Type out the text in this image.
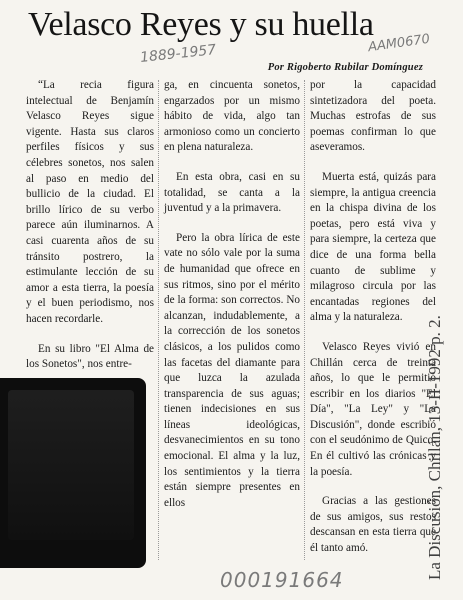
Velasco Reyes y su huella
1889-1957	AAM0670
Por Rigoberto Rubilar Domínguez

“La recia figura intelectual de Benjamín Velasco Reyes sigue vigente. Hasta sus claros perfiles físicos y sus célebres sonetos, nos salen al paso en medio del bullicio de la ciudad. El brillo lírico de su verbo parece aún iluminarnos. A casi cuarenta años de su tránsito postrero, la estimulante lección de su amor a esta tierra, la poesía y el buen periodismo, nos hacen recordarle.

En su libro "El Alma de los Sonetos", nos entre-

ga, en cincuenta sonetos, engarzados por un mismo hábito de vida, algo tan armonioso como un concierto en plena naturaleza.

En esta obra, casi en su totalidad, se canta a la juventud y a la primavera.

Pero la obra lírica de este vate no sólo vale por la suma de humanidad que ofrece en sus ritmos, sino por el mérito de la forma: son correctos. No alcanzan, indudablemente, a la corrección de los sonetos clásicos, a los pulidos como las facetas del diamante para que luzca la azulada transparencia de sus aguas; tienen indecisiones en sus líneas ideológicas, desvanecimientos en su tono emocional. El alma y la luz, los sentimientos y la tierra están siempre presentes en ellos

por la capacidad sintetizadora del poeta. Muchas estrofas de sus poemas confirman lo que aseveramos.

Muerta está, quizás para siempre, la antigua creencia en la chispa divina de los poetas, pero está viva y para siempre, la certeza que dice de una forma bella cuanto de sublime y milagroso circula por las encantadas regiones del alma y la naturaleza.

Velasco Reyes vivió en Chillán cerca de treinta años, lo que le permitió escribir en los diarios "El Día", "La Ley" y "La Discusión", donde escribió con el seudónimo de Quico. En él cultivó las crónicas y la poesía.

Gracias a las gestiones de sus amigos, sus restos descansan en esta tierra que él tanto amó.

000191664	La Discusión, Chillán, 13-II-1992 p. 2.
